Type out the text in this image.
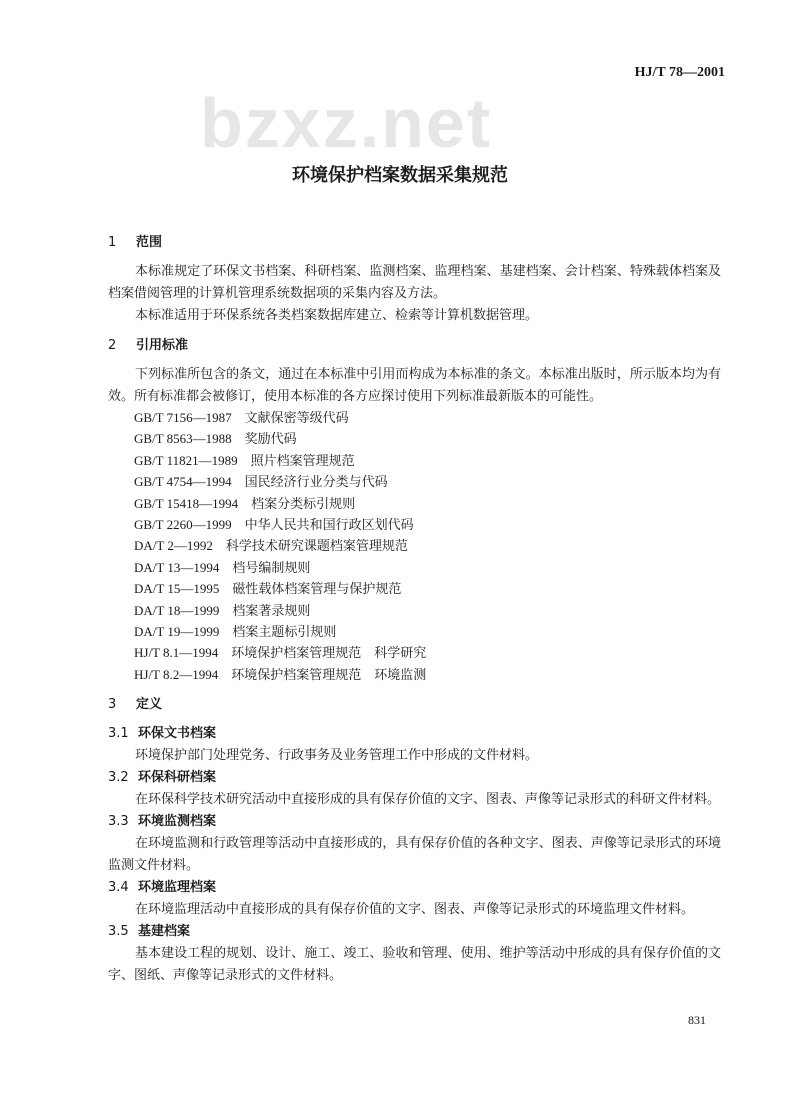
HJ/T 78—2001
bzxz.net
环境保护档案数据采集规范
1 范围
本标准规定了环保文书档案、科研档案、监测档案、监理档案、基建档案、会计档案、特殊载体档案及档案借阅管理的计算机管理系统数据项的采集内容及方法。
本标准适用于环保系统各类档案数据库建立、检索等计算机数据管理。
2 引用标准
下列标准所包含的条文，通过在本标准中引用而构成为本标准的条文。本标准出版时，所示版本均为有效。所有标准都会被修订，使用本标准的各方应探讨使用下列标准最新版本的可能性。
GB/T 7156—1987　 文献保密等级代码
GB/T 8563—1988　 奖励代码
GB/T 11821—1989　 照片档案管理规范
GB/T 4754—1994　 国民经济行业分类与代码
GB/T 15418—1994　 档案分类标引规则
GB/T 2260—1999　 中华人民共和国行政区划代码
DA/T 2—1992　 科学技术研究课题档案管理规范
DA/T 13—1994　 档号编制规则
DA/T 15—1995　 磁性载体档案管理与保护规范
DA/T 18—1999　 档案著录规则
DA/T 19—1999　 档案主题标引规则
HJ/T 8.1—1994　 环境保护档案管理规范　科学研究
HJ/T 8.2—1994　 环境保护档案管理规范　环境监测
3 定义
3.1 环保文书档案
环境保护部门处理党务、行政事务及业务管理工作中形成的文件材料。
3.2 环保科研档案
在环保科学技术研究活动中直接形成的具有保存价值的文字、图表、声像等记录形式的科研文件材料。
3.3 环境监测档案
在环境监测和行政管理等活动中直接形成的，具有保存价值的各种文字、图表、声像等记录形式的环境监测文件材料。
3.4 环境监理档案
在环境监理活动中直接形成的具有保存价值的文字、图表、声像等记录形式的环境监理文件材料。
3.5 基建档案
基本建设工程的规划、设计、施工、竣工、验收和管理、使用、维护等活动中形成的具有保存价值的文字、图纸、声像等记录形式的文件材料。
831
